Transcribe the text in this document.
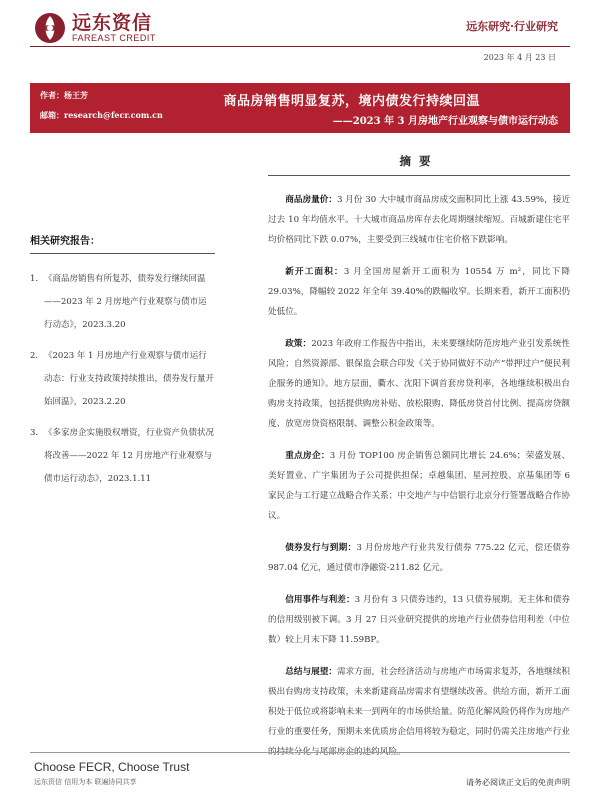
远东资信
FAREAST CREDIT
远东研究·行业研究
2023 年 4 月 23 日
作者：杨王芳
邮箱：research@fecr.com.cn
商品房销售明显复苏，境内债发行持续回温
——2023 年 3 月房地产行业观察与债市运行动态
相关研究报告：
1. 《商品房销售有所复苏，债券发行继续回温——2023 年 2 月房地产行业观察与债市运行动态》，2023.3.20
2. 《2023 年 1 月房地产行业观察与债市运行动态：行业支持政策持续推出，债券发行量开始回温》，2023.2.20
3. 《多家房企实施股权增资，行业资产负债状况将改善——2022 年 12 月房地产行业观察与债市运行动态》，2023.1.11
摘要

商品房量价：3 月份 30 大中城市商品房成交面积同比上涨 43.59%，接近过去 10 年均值水平。十大城市商品房库存去化周期继续缩短。百城新建住宅平均价格同比下跌 0.07%，主要受到三线城市住宅价格下跌影响。

新开工面积：3 月全国房屋新开工面积为 10554 万 m²，同比下降 29.03%，降幅较 2022 年全年 39.40%的跌幅收窄。长期来看，新开工面积仍处低位。

政策：2023 年政府工作报告中指出，未来要继续防范房地产业引发系统性风险；自然资源部、银保监会联合印发《关于协同做好不动产“带押过户”便民利企服务的通知》。地方层面，衢水、沈阳下调首套房贷利率，各地继续积极出台购房支持政策，包括提供购房补贴、放松限购、降低房贷首付比例、提高房贷额度、放宽房贷资格限制、调整公积金政策等。

重点房企：3 月份 TOP100 房企销售总额同比增长 24.6%；荣盛发展、美好置业、广宇集团为子公司提供担保；卓越集团、星河控股、京基集团等 6 家民企与工行建立战略合作关系；中交地产与中信银行北京分行签署战略合作协议。

债券发行与到期：3 月份房地产行业共发行债券 775.22 亿元，偿还债券 987.04 亿元，通过债市净融资-211.82 亿元。

信用事件与利差：3 月份有 3 只债券违约，13 只债券展期。无主体和债券的信用级别被下调。3 月 27 日兴业研究提供的房地产行业债券信用利差（中位数）较上月末下降 11.59BP。

总结与展望：需求方面，社会经济活动与房地产市场需求复苏，各地继续积极出台购房支持政策，未来新建商品房需求有望继续改善。供给方面，新开工面积处于低位或将影响未来一到两年的市场供给量。防范化解风险仍将作为房地产行业的重要任务，预期未来优质房企信用将较为稳定，同时仍需关注房地产行业的持续分化与尾部房企的违约风险。

Choose FECR, Choose Trust
远东资信 信用为本 联遍协同共享	请务必阅读正文后的免责声明
